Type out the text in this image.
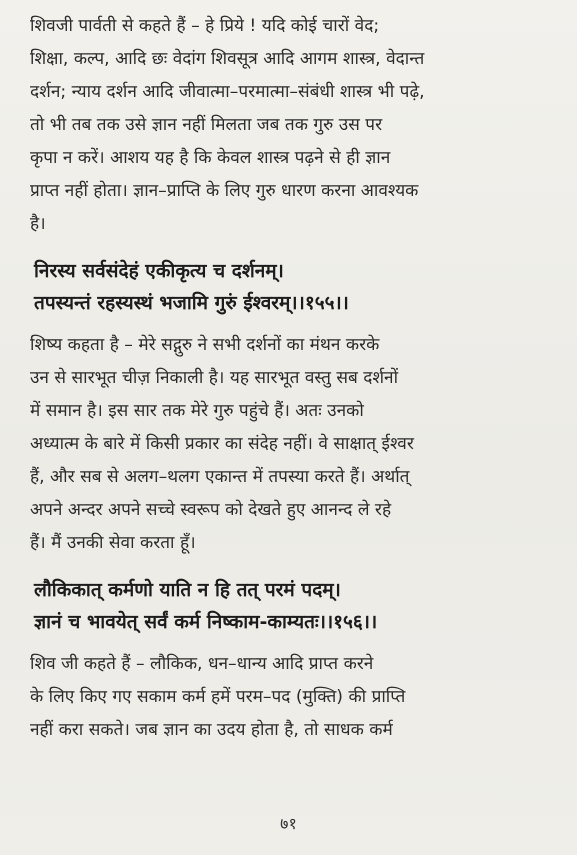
शिवजी पार्वती से कहते हैं – हे प्रिये ! यदि कोई चारों वेद;
शिक्षा, कल्प, आदि छः वेदांग शिवसूत्र आदि आगम शास्त्र, वेदान्त
दर्शन; न्याय दर्शन आदि जीवात्मा–परमात्मा–संबंधी शास्त्र भी पढ़े,
तो भी तब तक उसे ज्ञान नहीं मिलता जब तक गुरु उस पर
कृपा न करें। आशय यह है कि केवल शास्त्र पढ़ने से ही ज्ञान
प्राप्त नहीं होता। ज्ञान–प्राप्ति के लिए गुरु धारण करना आवश्यक
है।
निरस्य सर्वसंदेहं एकीकृत्य च दर्शनम्।
तपस्यन्तं रहस्यस्थं भजामि गुरुं ईश्वरम्।।१५५।।
शिष्य कहता है – मेरे सद्गुरु ने सभी दर्शनों का मंथन करके
उन से सारभूत चीज़ निकाली है। यह सारभूत वस्तु सब दर्शनों
में समान है। इस सार तक मेरे गुरु पहुंचे हैं। अतः उनको
अध्यात्म के बारे में किसी प्रकार का संदेह नहीं। वे साक्षात् ईश्वर
हैं, और सब से अलग–थलग एकान्त में तपस्या करते हैं। अर्थात्
अपने अन्दर अपने सच्चे स्वरूप को देखते हुए आनन्द ले रहे
हैं। मैं उनकी सेवा करता हूँ।
लौकिकात् कर्मणो याति न हि तत् परमं पदम्।
ज्ञानं च भावयेत् सर्वं कर्म निष्काम-काम्यतः।।१५६।।
शिव जी कहते हैं – लौकिक, धन–धान्य आदि प्राप्त करने
के लिए किए गए सकाम कर्म हमें परम–पद (मुक्ति) की प्राप्ति
नहीं करा सकते। जब ज्ञान का उदय होता है, तो साधक कर्म
७१
